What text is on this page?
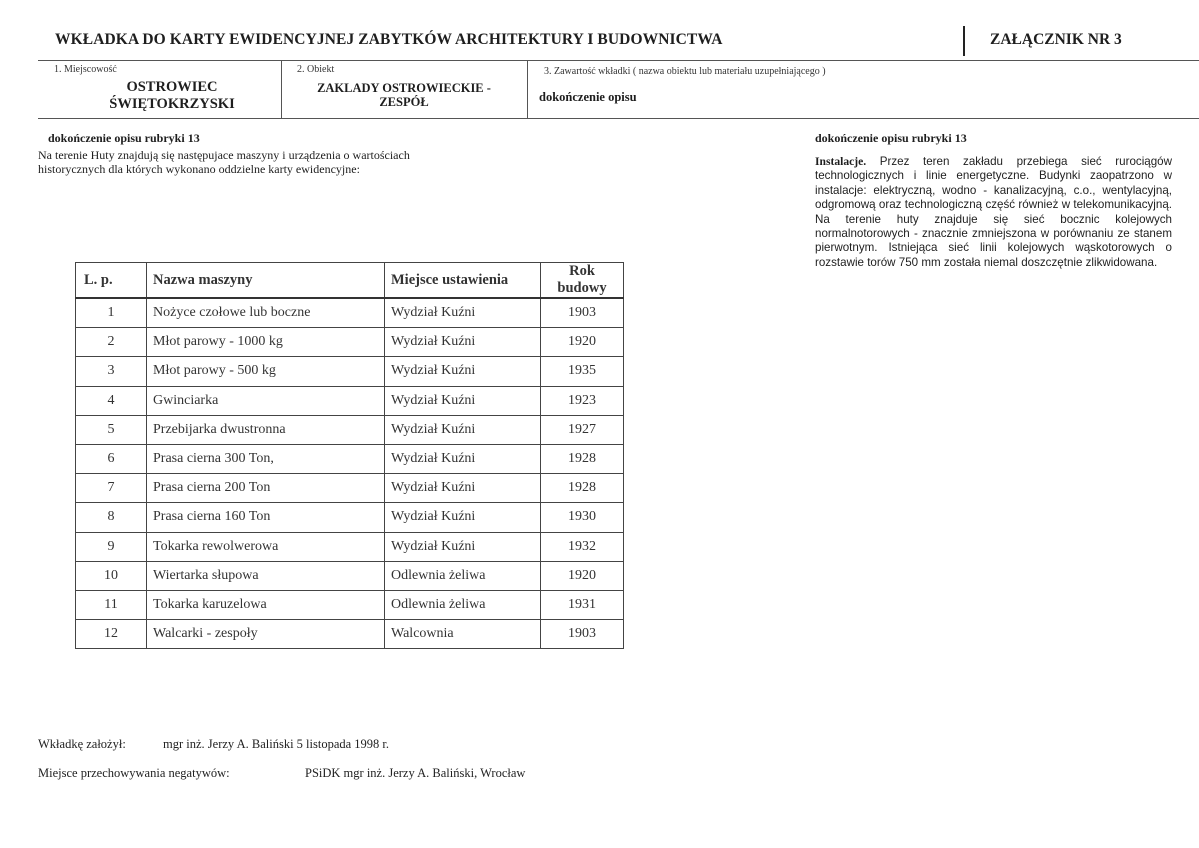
WKŁADKA DO KARTY EWIDENCYJNEJ ZABYTKÓW ARCHITEKTURY I BUDOWNICTWA	ZAŁĄCZNIK NR 3
1. Miejscowość
OSTROWIEC
ŚWIĘTOKRZYSKI
2. Obiekt
ZAKLADY OSTROWIECKIE -
ZESPÓŁ
3. Zawartość wkładki ( nazwa obiektu lub materiału uzupełniającego )
dokończenie opisu
dokończenie opisu rubryki 13
Na terenie Huty znajdują się następujace maszyny i urządzenia o wartościach historycznych dla których wykonano oddzielne karty ewidencyjne:
L. p.	Nazwa maszyny	Miejsce ustawienia	Rok budowy
1	Nożyce czołowe lub boczne	Wydział Kuźni	1903
2	Młot parowy - 1000 kg	Wydział Kuźni	1920
3	Młot parowy - 500 kg	Wydział Kuźni	1935
4	Gwinciarka	Wydział Kuźni	1923
5	Przebijarka dwustronna	Wydział Kuźni	1927
6	Prasa cierna 300 Ton,	Wydział Kuźni	1928
7	Prasa cierna 200 Ton	Wydział Kuźni	1928
8	Prasa cierna 160 Ton	Wydział Kuźni	1930
9	Tokarka rewolwerowa	Wydział Kuźni	1932
10	Wiertarka słupowa	Odlewnia żeliwa	1920
11	Tokarka karuzelowa	Odlewnia żeliwa	1931
12	Walcarki - zespoły	Walcownia	1903
dokończenie opisu rubryki 13
Instalacje. Przez teren zakładu przebiega sieć rurociągów technologicznych i linie energetyczne. Budynki zaopatrzono w instalacje: elektryczną, wodno - kanalizacyjną, c.o., wentylacyjną, odgromową oraz technologiczną część również w telekomunikacyjną. Na terenie huty znajduje się sieć bocznic kolejowych normalnotorowych - znacznie zmniejszona w porównaniu ze stanem pierwotnym. Istniejąca sieć linii kolejowych wąskotorowych o rozstawie torów 750 mm została niemal doszczętnie zlikwidowana.
Wkładkę założył:	mgr inż. Jerzy A. Baliński 5 listopada 1998 r.
Miejsce przechowywania negatywów:	PSiDK mgr inż. Jerzy A. Baliński, Wrocław
